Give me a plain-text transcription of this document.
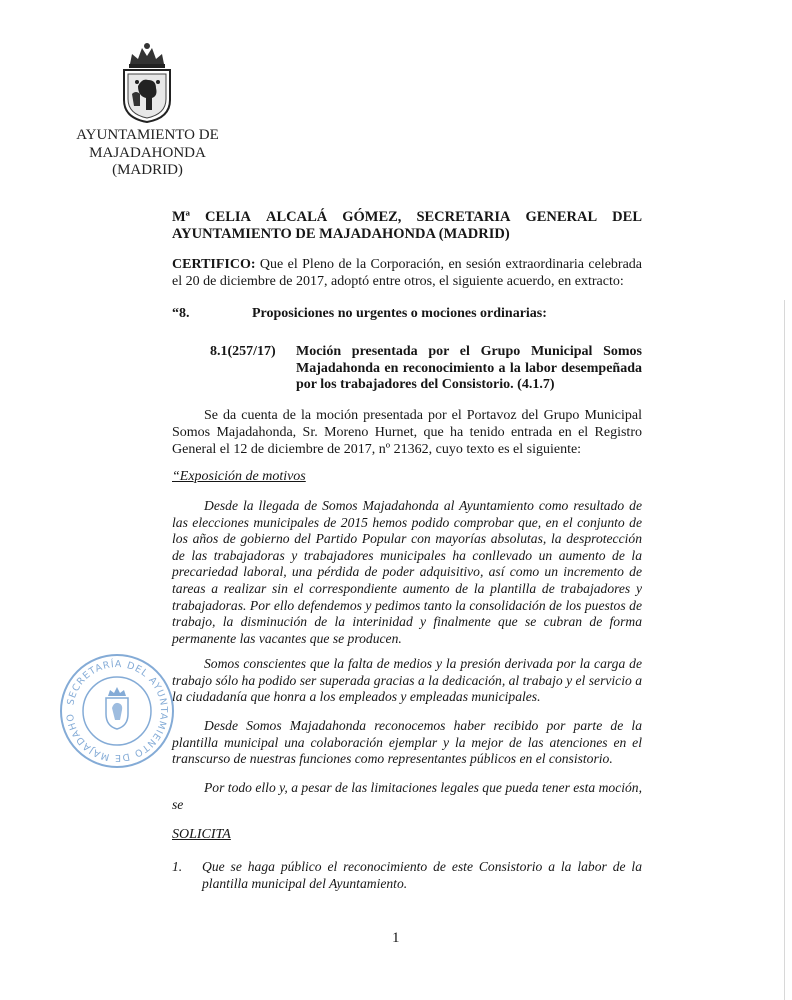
AYUNTAMIENTO DE
MAJADAHONDA
(MADRID)
Mª CELIA ALCALÁ GÓMEZ, SECRETARIA GENERAL DEL
AYUNTAMIENTO DE MAJADAHONDA (MADRID)
CERTIFICO: Que el Pleno de la Corporación, en sesión extraordinaria celebrada el 20 de diciembre de 2017, adoptó entre otros, el siguiente acuerdo, en extracto:
“8.	Proposiciones no urgentes o mociones ordinarias:
8.1(257/17)	Moción presentada por el Grupo Municipal Somos Majadahonda en reconocimiento a la labor desempeñada por los trabajadores del Consistorio. (4.1.7)
Se da cuenta de la moción presentada por el Portavoz del Grupo Municipal Somos Majadahonda, Sr. Moreno Hurnet, que ha tenido entrada en el Registro General el 12 de diciembre de 2017, nº 21362, cuyo texto es el siguiente:
“Exposición de motivos
Desde la llegada de Somos Majadahonda al Ayuntamiento como resultado de las elecciones municipales de 2015 hemos podido comprobar que, en el conjunto de los años de gobierno del Partido Popular con mayorías absolutas, la desprotección de las trabajadoras y trabajadores municipales ha conllevado un aumento de la precariedad laboral, una pérdida de poder adquisitivo, así como un incremento de tareas a realizar sin el correspondiente aumento de la plantilla de trabajadores y trabajadoras. Por ello defendemos y pedimos tanto la consolidación de los puestos de trabajo, la disminución de la interinidad y finalmente que se cubran de forma permanente las vacantes que se producen.
Somos conscientes que la falta de medios y la presión derivada por la carga de trabajo sólo ha podido ser superada gracias a la dedicación, al trabajo y el servicio a la ciudadanía que honra a los empleados y empleadas municipales.
Desde Somos Majadahonda reconocemos haber recibido por parte de la plantilla municipal una colaboración ejemplar y la mejor de las atenciones en el transcurso de nuestras funciones como representantes públicos en el consistorio.
Por todo ello y, a pesar de las limitaciones legales que pueda tener esta moción, se
SOLICITA
1.	Que se haga público el reconocimiento de este Consistorio a la labor de la plantilla municipal del Ayuntamiento.
SECRETARÍA DEL AYUNTAMIENTO DE MAJADAHO
1
